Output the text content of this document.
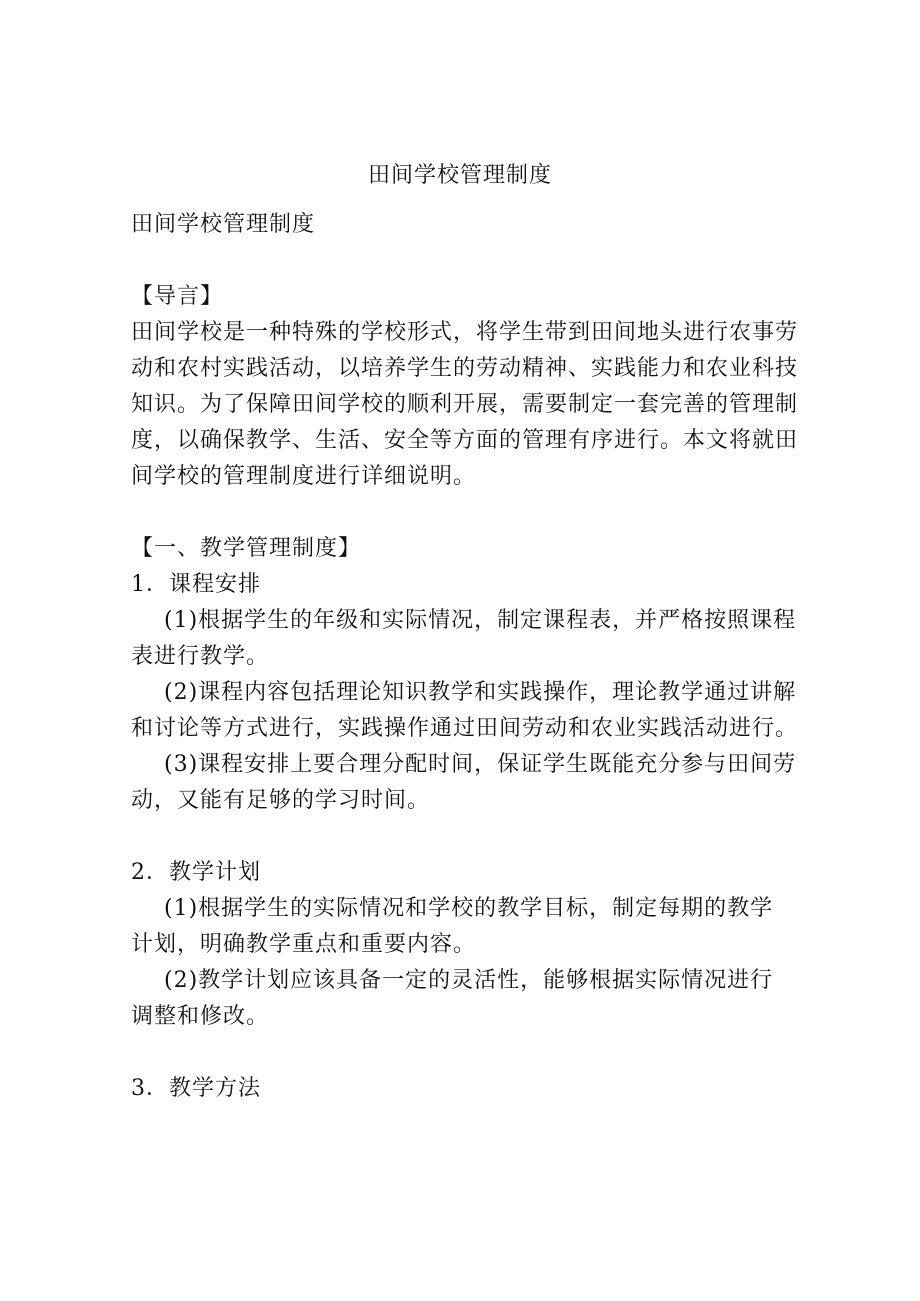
田间学校管理制度
田间学校管理制度
【导言】
田间学校是一种特殊的学校形式，将学生带到田间地头进行农事劳
动和农村实践活动，以培养学生的劳动精神、实践能力和农业科技
知识。为了保障田间学校的顺利开展，需要制定一套完善的管理制
度，以确保教学、生活、安全等方面的管理有序进行。本文将就田
间学校的管理制度进行详细说明。
【一、教学管理制度】
1．课程安排
(1)根据学生的年级和实际情况，制定课程表，并严格按照课程
表进行教学。
(2)课程内容包括理论知识教学和实践操作，理论教学通过讲解
和讨论等方式进行，实践操作通过田间劳动和农业实践活动进行。
(3)课程安排上要合理分配时间，保证学生既能充分参与田间劳
动，又能有足够的学习时间。
2．教学计划
(1)根据学生的实际情况和学校的教学目标，制定每期的教学
计划，明确教学重点和重要内容。
(2)教学计划应该具备一定的灵活性，能够根据实际情况进行
调整和修改。
3．教学方法
